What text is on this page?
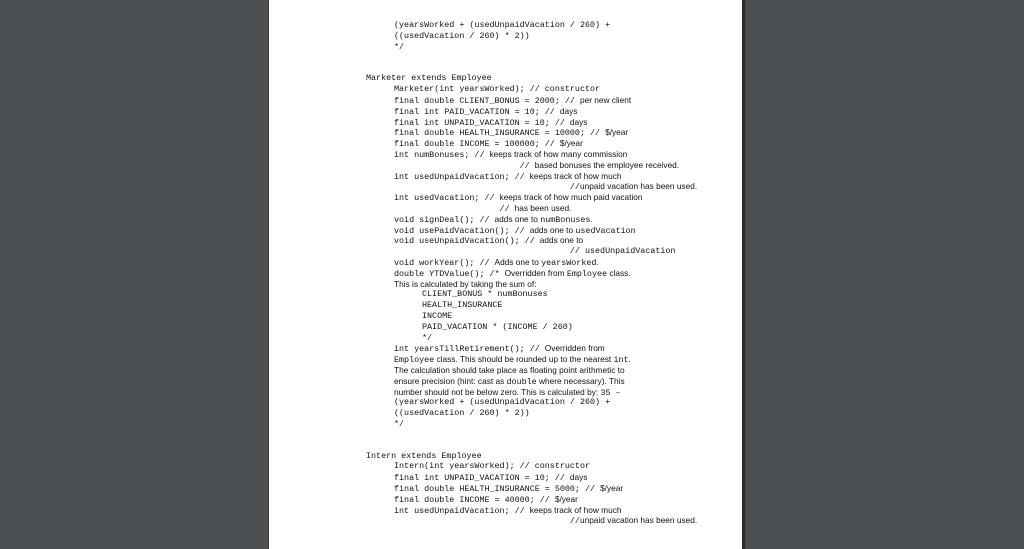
(yearsWorked + (usedUnpaidVacation / 260) +
((usedVacation / 260) * 2))
*/
Marketer extends Employee
Marketer(int yearsWorked); // constructor
final double CLIENT_BONUS = 2000; // per new client
final int PAID_VACATION = 10; // days
final int UNPAID_VACATION = 10; // days
final double HEALTH_INSURANCE = 10000; // $/year
final double INCOME = 100000; // $/year
int numBonuses; // keeps track of how many commission
// based bonuses the employee received.
int usedUnpaidVacation; // keeps track of how much
//unpaid vacation has been used.
int usedVacation; // keeps track of how much paid vacation
// has been used.
void signDeal(); // adds one to numBonuses.
void usePaidVacation(); // adds one to usedVacation
void useUnpaidVacation(); // adds one to
// usedUnpaidVacation
void workYear(); // Adds one to yearsWorked.
double YTDValue(); /* Overridden from Employee class.
This is calculated by taking the sum of:
CLIENT_BONUS * numBonuses
HEALTH_INSURANCE
INCOME
PAID_VACATION * (INCOME / 260)
*/
int yearsTillRetirement(); // Overridden from
Employee class. This should be rounded up to the nearest int.
The calculation should take place as floating point arithmetic to
ensure precision (hint: cast as double where necessary). This
number should not be below zero. This is calculated by: 35 –
(yearsWorked + (usedUnpaidVacation / 260) +
((usedVacation / 260) * 2))
*/
Intern extends Employee
Intern(int yearsWorked); // constructor
final int UNPAID_VACATION = 10; // days
final double HEALTH_INSURANCE = 5000; // $/year
final double INCOME = 40000; // $/year
int usedUnpaidVacation; // keeps track of how much
//unpaid vacation has been used.
